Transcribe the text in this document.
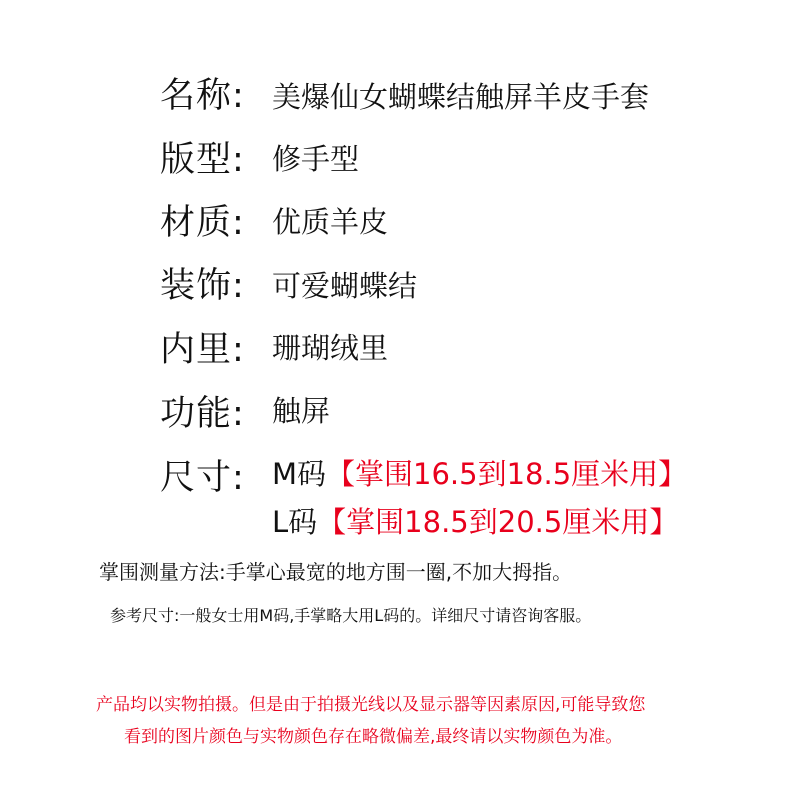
名称: 美爆仙女蝴蝶结触屏羊皮手套
版型: 修手型
材质: 优质羊皮
装饰: 可爱蝴蝶结
内里: 珊瑚绒里
功能: 触屏
尺寸: M码【掌围16.5到18.5厘米用】
L码【掌围18.5到20.5厘米用】
掌围测量方法:手掌心最宽的地方围一圈,不加大拇指。
参考尺寸:一般女士用M码,手掌略大用L码的。详细尺寸请咨询客服。
产品均以实物拍摄。但是由于拍摄光线以及显示器等因素原因,可能导致您
看到的图片颜色与实物颜色存在略微偏差,最终请以实物颜色为准。
